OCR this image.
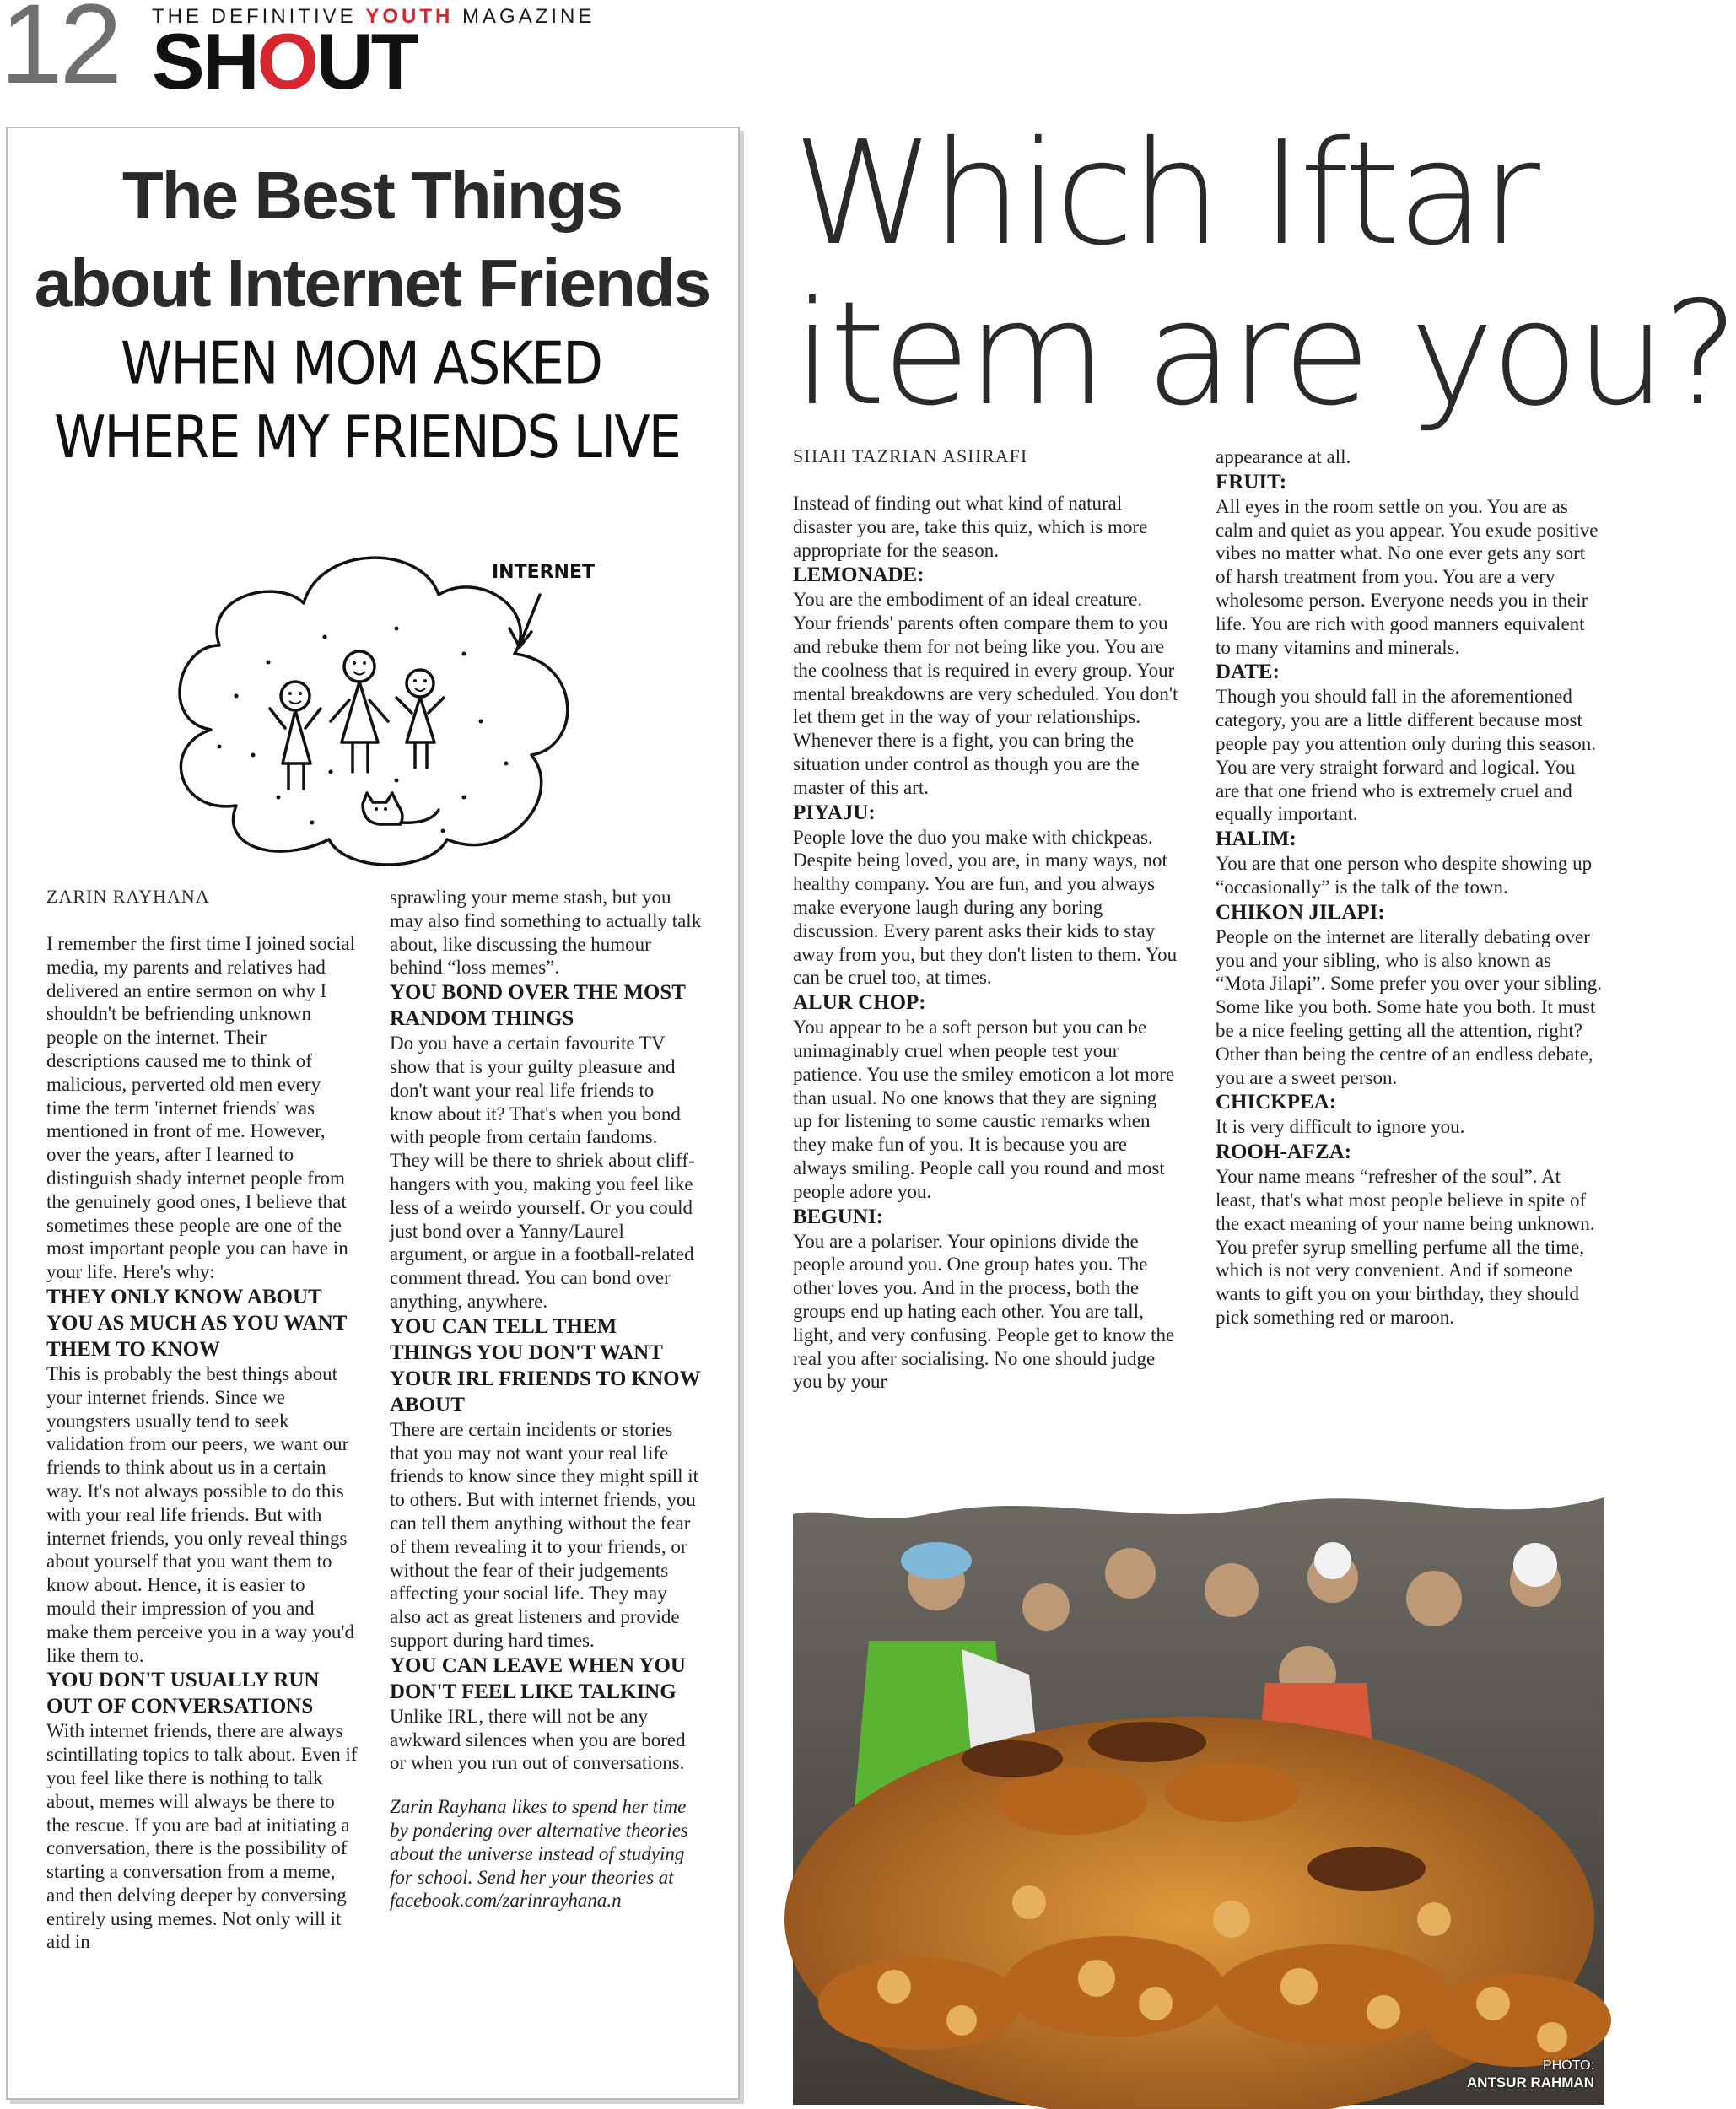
12 THE DEFINITIVE YOUTH MAGAZINE
SHOUT
The Best Things
about Internet Friends
WHEN MOM ASKED
WHERE MY FRIENDS LIVE
INTERNET
ZARIN RAYHANA

I remember the first time I joined social media, my parents and relatives had delivered an entire sermon on why I shouldn't be befriending unknown people on the internet. Their descriptions caused me to think of malicious, perverted old men every time the term 'internet friends' was mentioned in front of me. However, over the years, after I learned to distinguish shady internet people from the genuinely good ones, I believe that sometimes these people are one of the most important people you can have in your life. Here's why:

THEY ONLY KNOW ABOUT YOU AS MUCH AS YOU WANT THEM TO KNOW

This is probably the best things about your internet friends. Since we youngsters usually tend to seek validation from our peers, we want our friends to think about us in a certain way. It's not always possible to do this with your real life friends. But with internet friends, you only reveal things about yourself that you want them to know about. Hence, it is easier to mould their impression of you and make them perceive you in a way you'd like them to.

YOU DON'T USUALLY RUN OUT OF CONVERSATIONS

With internet friends, there are always scintillating topics to talk about. Even if you feel like there is nothing to talk about, memes will always be there to the rescue. If you are bad at initiating a conversation, there is the possibility of starting a conversation from a meme, and then delving deeper by conversing entirely using memes. Not only will it aid in

sprawling your meme stash, but you may also find something to actually talk about, like discussing the humour behind “loss memes”.

YOU BOND OVER THE MOST RANDOM THINGS

Do you have a certain favourite TV show that is your guilty pleasure and don't want your real life friends to know about it? That's when you bond with people from certain fandoms. They will be there to shriek about cliff-hangers with you, making you feel like less of a weirdo yourself. Or you could just bond over a Yanny/Laurel argument, or argue in a football-related comment thread. You can bond over anything, anywhere.

YOU CAN TELL THEM THINGS YOU DON'T WANT YOUR IRL FRIENDS TO KNOW ABOUT

There are certain incidents or stories that you may not want your real life friends to know since they might spill it to others. But with internet friends, you can tell them anything without the fear of them revealing it to your friends, or without the fear of their judgements affecting your social life. They may also act as great listeners and provide support during hard times.

YOU CAN LEAVE WHEN YOU DON'T FEEL LIKE TALKING

Unlike IRL, there will not be any awkward silences when you are bored or when you run out of conversations.

Zarin Rayhana likes to spend her time by pondering over alternative theories about the universe instead of studying for school. Send her your theories at facebook.com/zarinrayhana.n

Which Iftar
item are you?
SHAH TAZRIAN ASHRAFI

Instead of finding out what kind of natural disaster you are, take this quiz, which is more appropriate for the season.

LEMONADE:

You are the embodiment of an ideal creature. Your friends' parents often compare them to you and rebuke them for not being like you. You are the coolness that is required in every group. Your mental breakdowns are very scheduled. You don't let them get in the way of your relationships. Whenever there is a fight, you can bring the situation under control as though you are the master of this art.

PIYAJU:

People love the duo you make with chickpeas. Despite being loved, you are, in many ways, not healthy company. You are fun, and you always make everyone laugh during any boring discussion. Every parent asks their kids to stay away from you, but they don't listen to them. You can be cruel too, at times.

ALUR CHOP:

You appear to be a soft person but you can be unimaginably cruel when people test your patience. You use the smiley emoticon a lot more than usual. No one knows that they are signing up for listening to some caustic remarks when they make fun of you. It is because you are always smiling. People call you round and most people adore you.

BEGUNI:

You are a polariser. Your opinions divide the people around you. One group hates you. The other loves you. And in the process, both the groups end up hating each other. You are tall, light, and very confusing. People get to know the real you after socialising. No one should judge you by your

appearance at all.

FRUIT:

All eyes in the room settle on you. You are as calm and quiet as you appear. You exude positive vibes no matter what. No one ever gets any sort of harsh treatment from you. You are a very wholesome person. Everyone needs you in their life. You are rich with good manners equivalent to many vitamins and minerals.

DATE:

Though you should fall in the aforementioned category, you are a little different because most people pay you attention only during this season. You are very straight forward and logical. You are that one friend who is extremely cruel and equally important.

HALIM:

You are that one person who despite showing up “occasionally” is the talk of the town.

CHIKON JILAPI:

People on the internet are literally debating over you and your sibling, who is also known as “Mota Jilapi”. Some prefer you over your sibling. Some like you both. Some hate you both. It must be a nice feeling getting all the attention, right? Other than being the centre of an endless debate, you are a sweet person.

CHICKPEA:

It is very difficult to ignore you.

ROOH-AFZA:

Your name means “refresher of the soul”. At least, that's what most people believe in spite of the exact meaning of your name being unknown. You prefer syrup smelling perfume all the time, which is not very convenient. And if someone wants to gift you on your birthday, they should pick something red or maroon.

PHOTO:
ANTSUR RAHMAN
